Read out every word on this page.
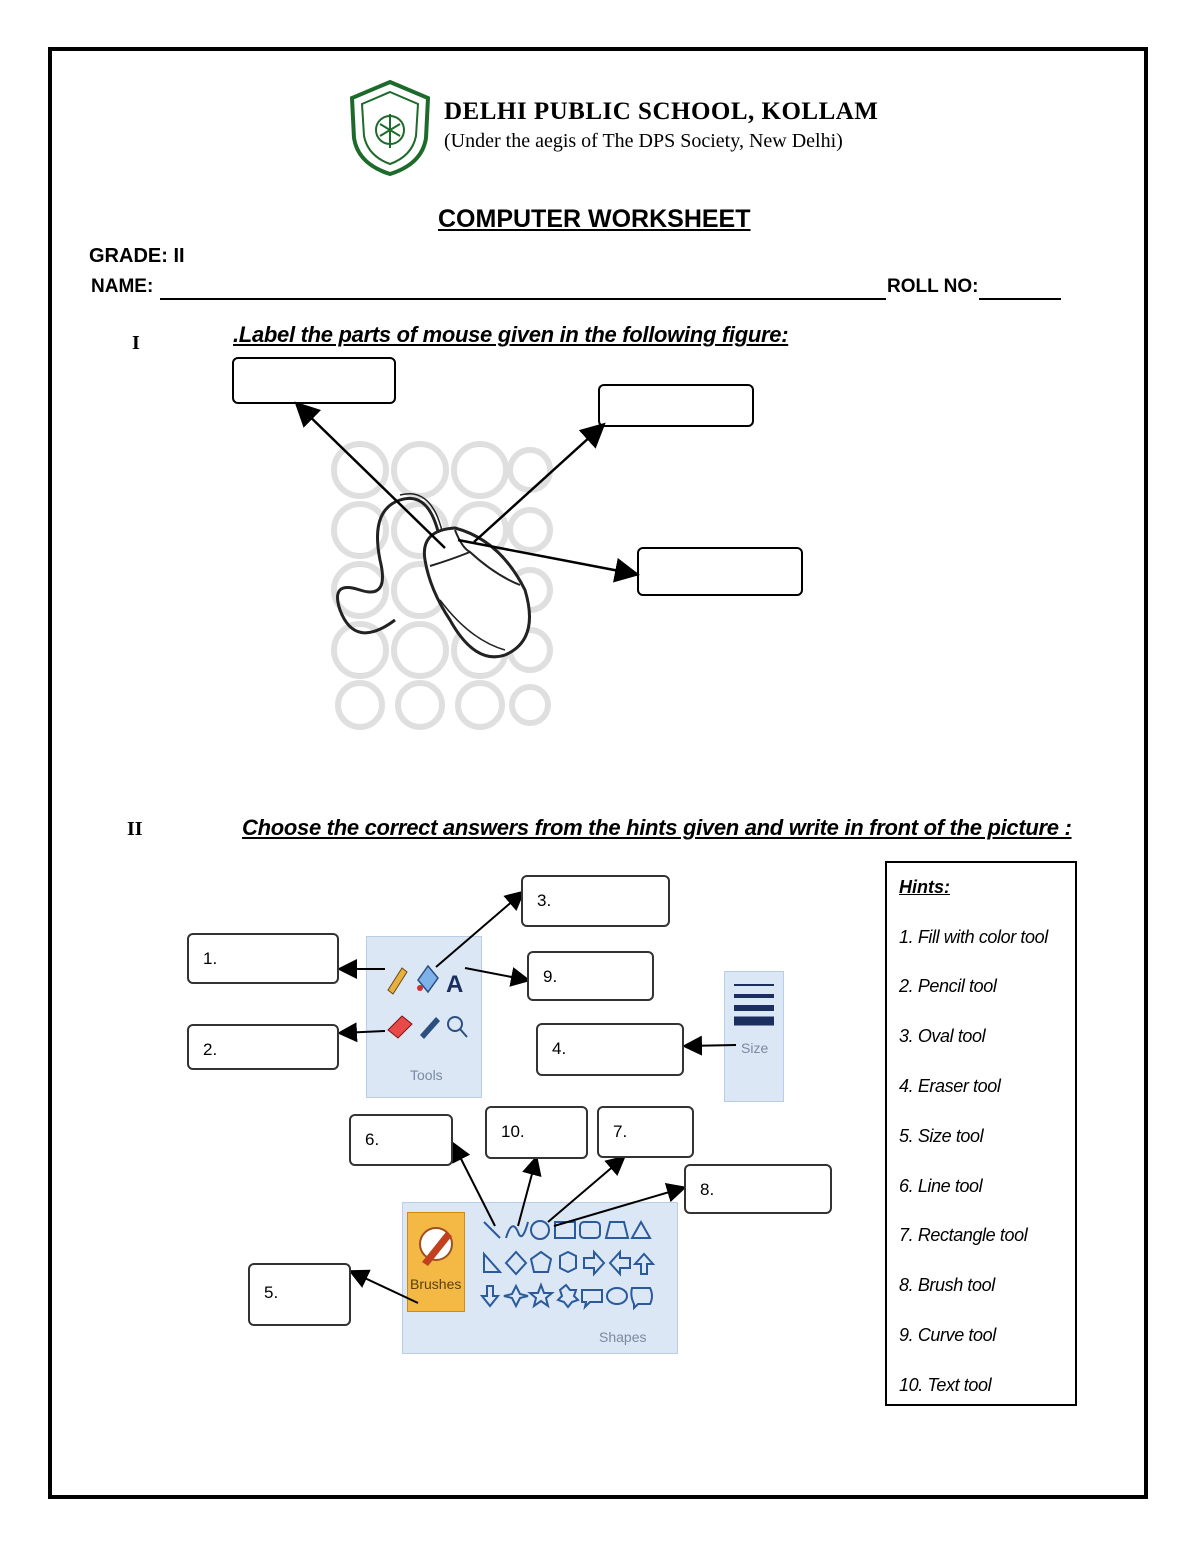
DELHI PUBLIC SCHOOL, KOLLAM
(Under the aegis of The DPS Society, New Delhi)
COMPUTER WORKSHEET
GRADE: II
NAME:	ROLL NO:
I	.Label the parts of mouse given in the following figure:
II	Choose the correct answers from the hints given and write in front of the picture :
Tools
Size
Brushes
Shapes
A
1.
2.
3.
9.
4.
6.	10.	7.
8.
5.
Hints:
1. Fill with color tool
2. Pencil tool
3. Oval tool
4. Eraser tool
5. Size tool
6. Line tool
7. Rectangle tool
8. Brush tool
9. Curve tool
10. Text tool
